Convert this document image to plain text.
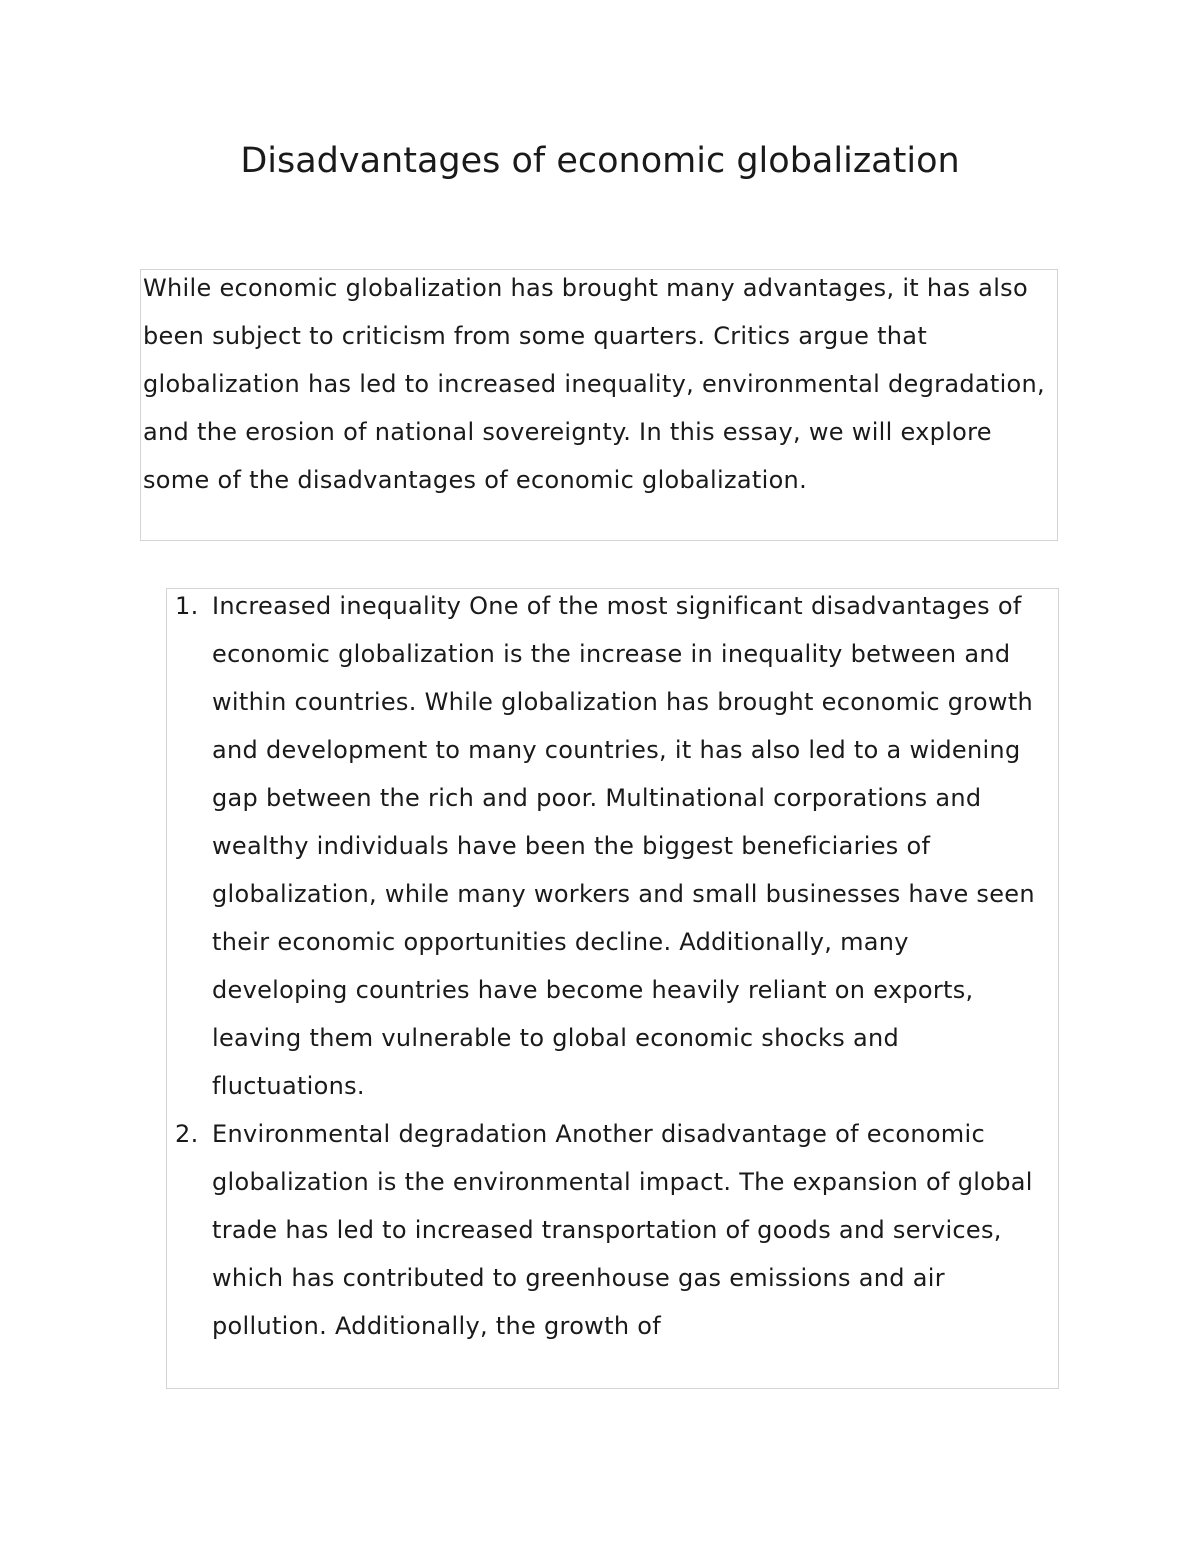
Disadvantages of economic globalization

While economic globalization has brought many advantages, it has also been subject to criticism from some quarters. Critics argue that globalization has led to increased inequality, environmental degradation, and the erosion of national sovereignty. In this essay, we will explore some of the disadvantages of economic globalization.

1. Increased inequality One of the most significant disadvantages of economic globalization is the increase in inequality between and within countries. While globalization has brought economic growth and development to many countries, it has also led to a widening gap between the rich and poor. Multinational corporations and wealthy individuals have been the biggest beneficiaries of globalization, while many workers and small businesses have seen their economic opportunities decline. Additionally, many developing countries have become heavily reliant on exports, leaving them vulnerable to global economic shocks and fluctuations.
2. Environmental degradation Another disadvantage of economic globalization is the environmental impact. The expansion of global trade has led to increased transportation of goods and services, which has contributed to greenhouse gas emissions and air pollution. Additionally, the growth of
